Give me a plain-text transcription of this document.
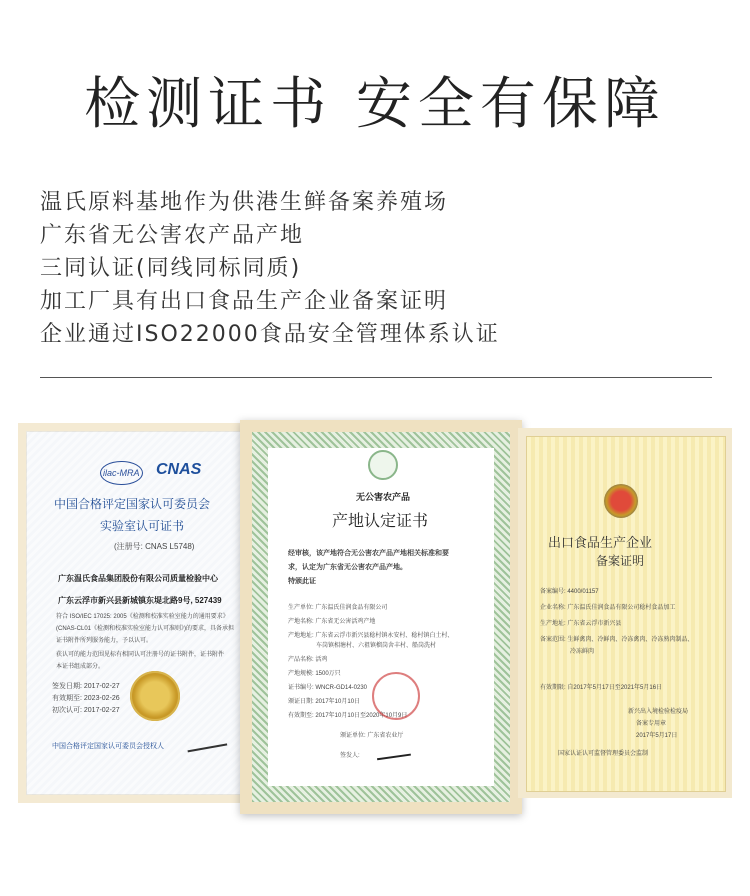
检测证书 安全有保障
温氏原料基地作为供港生鲜备案养殖场
广东省无公害农产品产地
三同认证(同线同标同质)
加工厂具有出口食品生产企业备案证明
企业通过ISO22000食品安全管理体系认证
ilac-MRA CNAS
中国合格评定国家认可委员会
实验室认可证书
(注册号: CNAS L5748)
广东温氏食品集团股份有限公司质量检验中心
广东云浮市新兴县新城镇东堤北路9号, 527439
符合 ISO/IEC 17025: 2005《检测和校准实验室能力的通用要求》
(CNAS-CL01《检测和校准实验室能力认可准则》)的要求，具备承担
证书附件所列服务能力，予以认可。
获认可的能力范围见标有相同认可注册号的证书附件，证书附件
本证书组成部分。
签发日期: 2017-02-27
有效期至: 2023-02-26
初次认可: 2017-02-27
中国合格评定国家认可委员会授权人
无公害农产品
产地认定证书
经审核，该产地符合无公害农产品产地相关标准和要
求，认定为广东省无公害农产品产地。
特颁此证
生产单位: 广东温氏佳润食品有限公司
产地名称: 广东省无公害活鸡产地
产地地址: 广东省云浮市新兴县稔村镇永安村、稔村镇白土村、
车岗镇相塘村、六祖镇榴岗舍丰村、船岗洗村
产品名称: 活鸡
产地规模: 1500万只
证书编号: WNCR-GD14-0230
颁证日期: 2017年10月10日
有效期至: 2017年10月10日至2020年10月9日
颁证单位: 广东省农业厅
签发人:
出口食品生产企业
备案证明
备案编号: 4400/01157
企业名称: 广东温氏佳润食品有限公司稔村食品加工
生产地址: 广东省云浮市新兴县
备案范围: 生鲜禽肉、冷鲜肉、冷冻禽肉、冷冻熟肉制品、
冷冻鲜肉
有效期限: 自2017年5月17日至2021年5月16日
新兴出入境检验检疫局
备案专用章
2017年5月17日
国家认证认可监督管理委员会监制
